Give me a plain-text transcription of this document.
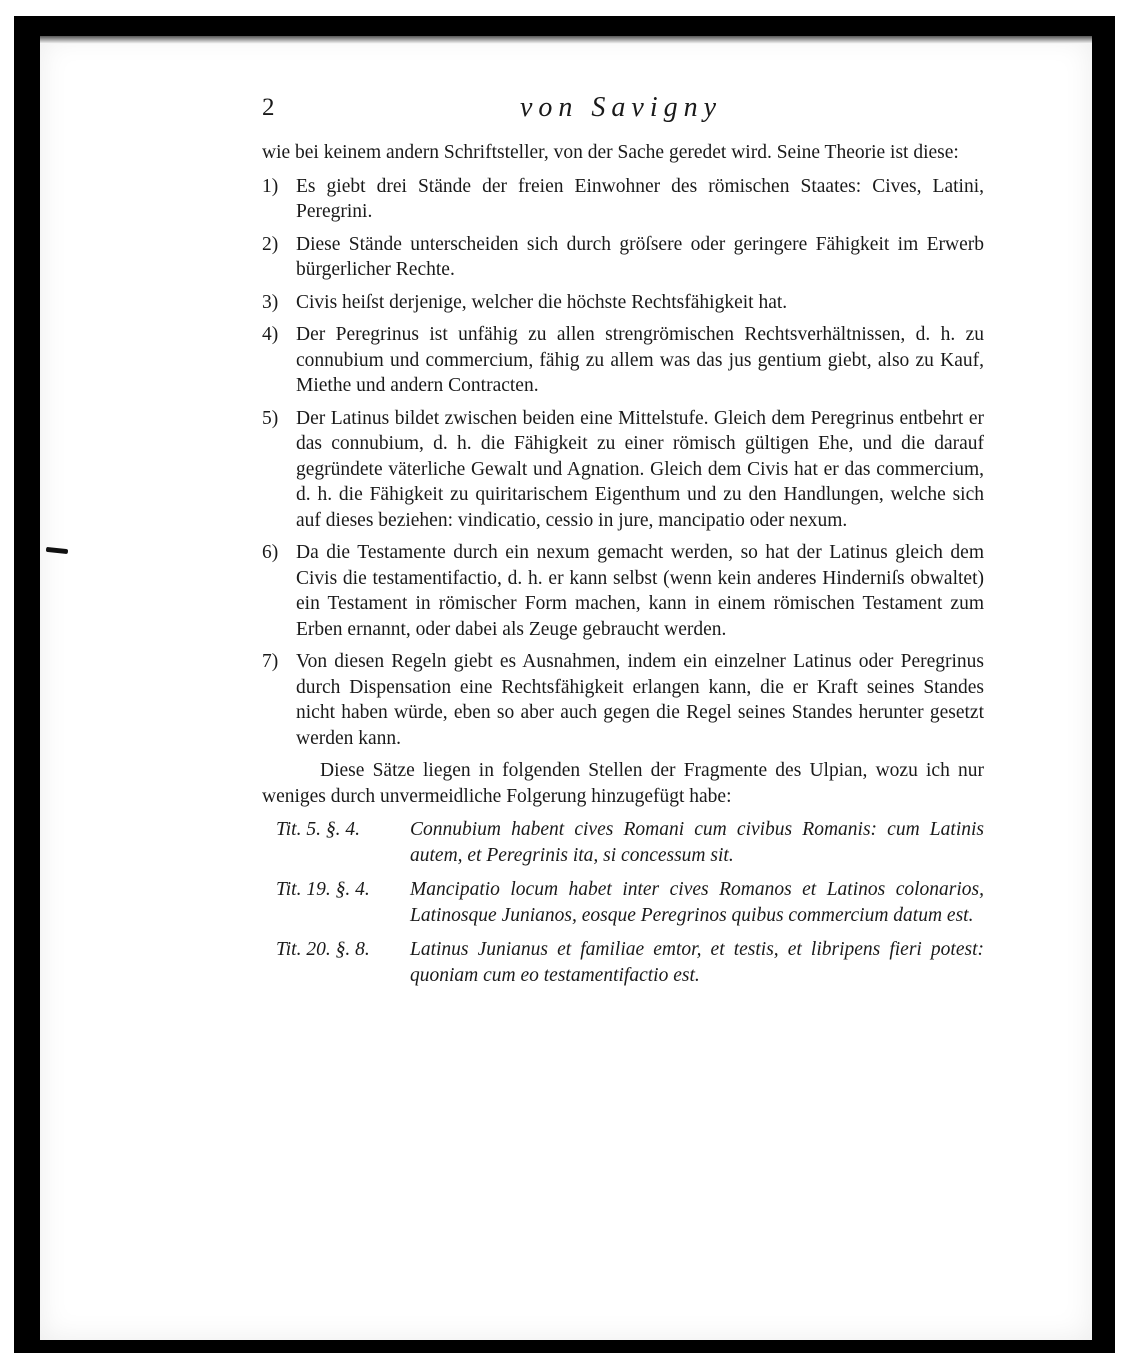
2	von Savigny

wie bei keinem andern Schriftsteller, von der Sache geredet wird. Seine Theorie ist diese:

1) Es giebt drei Stände der freien Einwohner des römischen Staates: Cives, Latini, Peregrini.

2) Diese Stände unterscheiden sich durch gröſsere oder geringere Fähigkeit im Erwerb bürgerlicher Rechte.

3) Civis heiſst derjenige, welcher die höchste Rechtsfähigkeit hat.

4) Der Peregrinus ist unfähig zu allen strengrömischen Rechtsverhältnissen, d. h. zu connubium und commercium, fähig zu allem was das jus gentium giebt, also zu Kauf, Miethe und andern Contracten.

5) Der Latinus bildet zwischen beiden eine Mittelstufe. Gleich dem Peregrinus entbehrt er das connubium, d. h. die Fähigkeit zu einer römisch gültigen Ehe, und die darauf gegründete väterliche Gewalt und Agnation. Gleich dem Civis hat er das commercium, d. h. die Fähigkeit zu quiritarischem Eigenthum und zu den Handlungen, welche sich auf dieses beziehen: vindicatio, cessio in jure, mancipatio oder nexum.

6) Da die Testamente durch ein nexum gemacht werden, so hat der Latinus gleich dem Civis die testamentifactio, d. h. er kann selbst (wenn kein anderes Hinderniſs obwaltet) ein Testament in römischer Form machen, kann in einem römischen Testament zum Erben ernannt, oder dabei als Zeuge gebraucht werden.

7) Von diesen Regeln giebt es Ausnahmen, indem ein einzelner Latinus oder Peregrinus durch Dispensation eine Rechtsfähigkeit erlangen kann, die er Kraft seines Standes nicht haben würde, eben so aber auch gegen die Regel seines Standes herunter gesetzt werden kann.

Diese Sätze liegen in folgenden Stellen der Fragmente des Ulpian, wozu ich nur weniges durch unvermeidliche Folgerung hinzugefügt habe:

Tit. 5. §. 4.	Connubium habent cives Romani cum civibus Romanis: cum Latinis autem, et Peregrinis ita, si concessum sit.

Tit. 19. §. 4.	Mancipatio locum habet inter cives Romanos et Latinos colonarios, Latinosque Junianos, eosque Peregrinos quibus commercium datum est.

Tit. 20. §. 8.	Latinus Junianus et familiae emtor, et testis, et libripens fieri potest: quoniam cum eo testamentifactio est.
